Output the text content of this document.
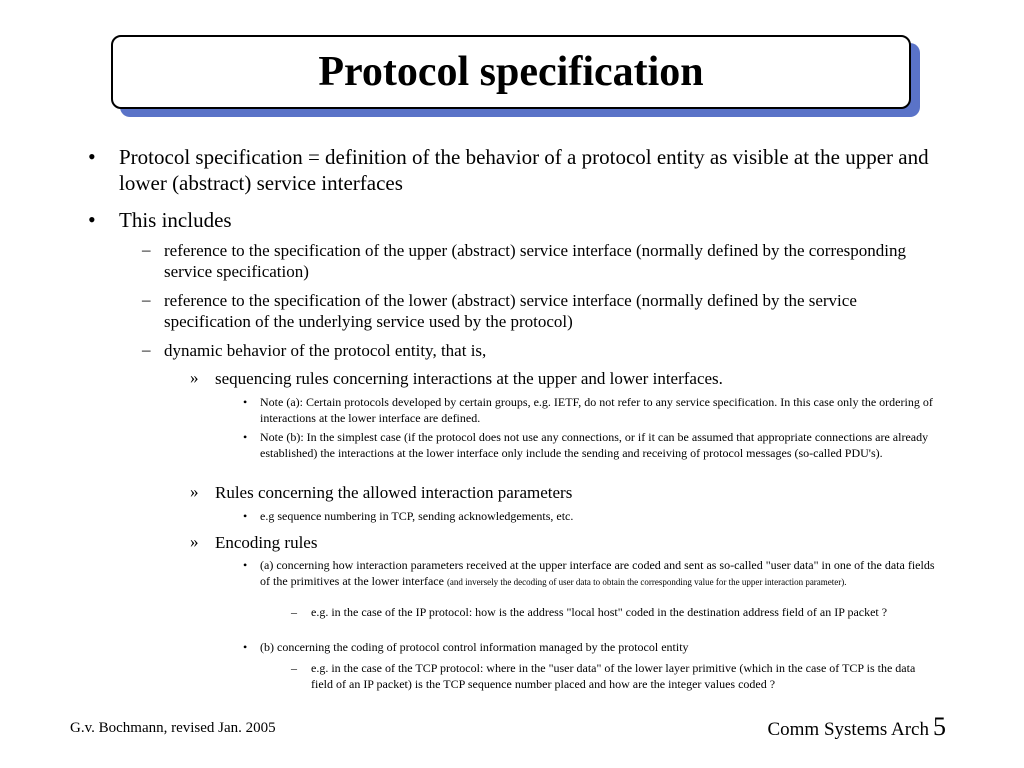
Protocol specification
• Protocol specification = definition of the behavior of a protocol entity as visible at the upper and lower (abstract) service interfaces
• This includes
– reference to the specification of the upper (abstract) service interface (normally defined by the corresponding service specification)
– reference to the specification of the lower (abstract) service interface (normally defined by the service specification of the underlying service used by the protocol)
– dynamic behavior of the protocol entity, that is,
» sequencing rules concerning interactions at the upper and lower interfaces.
• Note (a): Certain protocols developed by certain groups, e.g. IETF, do not refer to any service specification. In this case only the ordering of interactions at the lower interface are defined.
• Note (b): In the simplest case (if the protocol does not use any connections, or if it can be assumed that appropriate connections are already established) the interactions at the lower interface only include the sending and receiving of protocol messages (so-called PDU's).
» Rules concerning the allowed interaction parameters
• e.g sequence numbering in TCP, sending acknowledgements, etc.
» Encoding rules
• (a) concerning how interaction parameters received at the upper interface are coded and sent as so-called "user data" in one of the data fields of the primitives at the lower interface (and inversely the decoding of user data to obtain the corresponding value for the upper interaction parameter).
– e.g. in the case of the IP protocol: how is the address "local host" coded in the destination address field of an IP packet ?
• (b) concerning the coding of protocol control information managed by the protocol entity
– e.g. in the case of the TCP protocol: where in the "user data" of the lower layer primitive (which in the case of TCP is the data field of an IP packet) is the TCP sequence number placed and how are the integer values coded ?
G.v. Bochmann, revised Jan. 2005	Comm Systems Arch 5
